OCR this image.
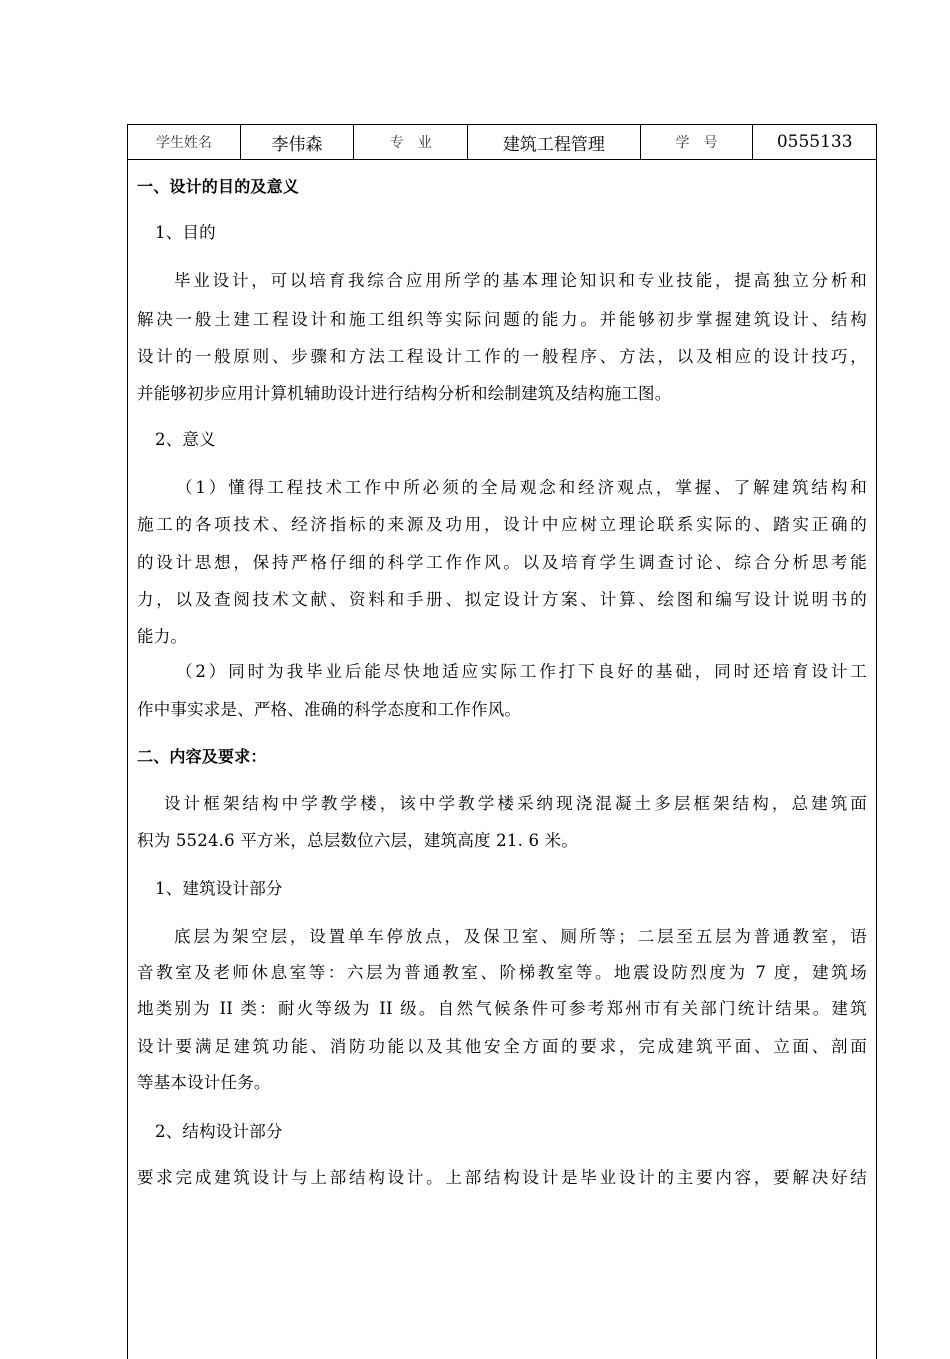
学生姓名	李伟森	专　业	建筑工程管理	学　号	0555133
一、设计的目的及意义
1、目的
毕业设计，可以培育我综合应用所学的基本理论知识和专业技能，提高独立分析和
解决一般土建工程设计和施工组织等实际问题的能力。并能够初步掌握建筑设计、结构
设计的一般原则、步骤和方法工程设计工作的一般程序、方法，以及相应的设计技巧，
并能够初步应用计算机辅助设计进行结构分析和绘制建筑及结构施工图。
2、意义
（1）懂得工程技术工作中所必须的全局观念和经济观点，掌握、了解建筑结构和
施工的各项技术、经济指标的来源及功用，设计中应树立理论联系实际的、踏实正确的
的设计思想，保持严格仔细的科学工作作风。以及培育学生调查讨论、综合分析思考能
力，以及查阅技术文献、资料和手册、拟定设计方案、计算、绘图和编写设计说明书的
能力。
（2）同时为我毕业后能尽快地适应实际工作打下良好的基础，同时还培育设计工
作中事实求是、严格、准确的科学态度和工作作风。
二、内容及要求：
设计框架结构中学教学楼，该中学教学楼采纳现浇混凝土多层框架结构，总建筑面
积为 5524.6 平方米，总层数位六层，建筑高度 21. 6 米。
1、建筑设计部分
底层为架空层，设置单车停放点，及保卫室、厕所等；二层至五层为普通教室，语
音教室及老师休息室等：六层为普通教室、阶梯教室等。地震设防烈度为 7 度，建筑场
地类别为 II 类：耐火等级为 II 级。自然气候条件可参考郑州市有关部门统计结果。建筑
设计要满足建筑功能、消防功能以及其他安全方面的要求，完成建筑平面、立面、剖面
等基本设计任务。
2、结构设计部分
要求完成建筑设计与上部结构设计。上部结构设计是毕业设计的主要内容，要解决好结
